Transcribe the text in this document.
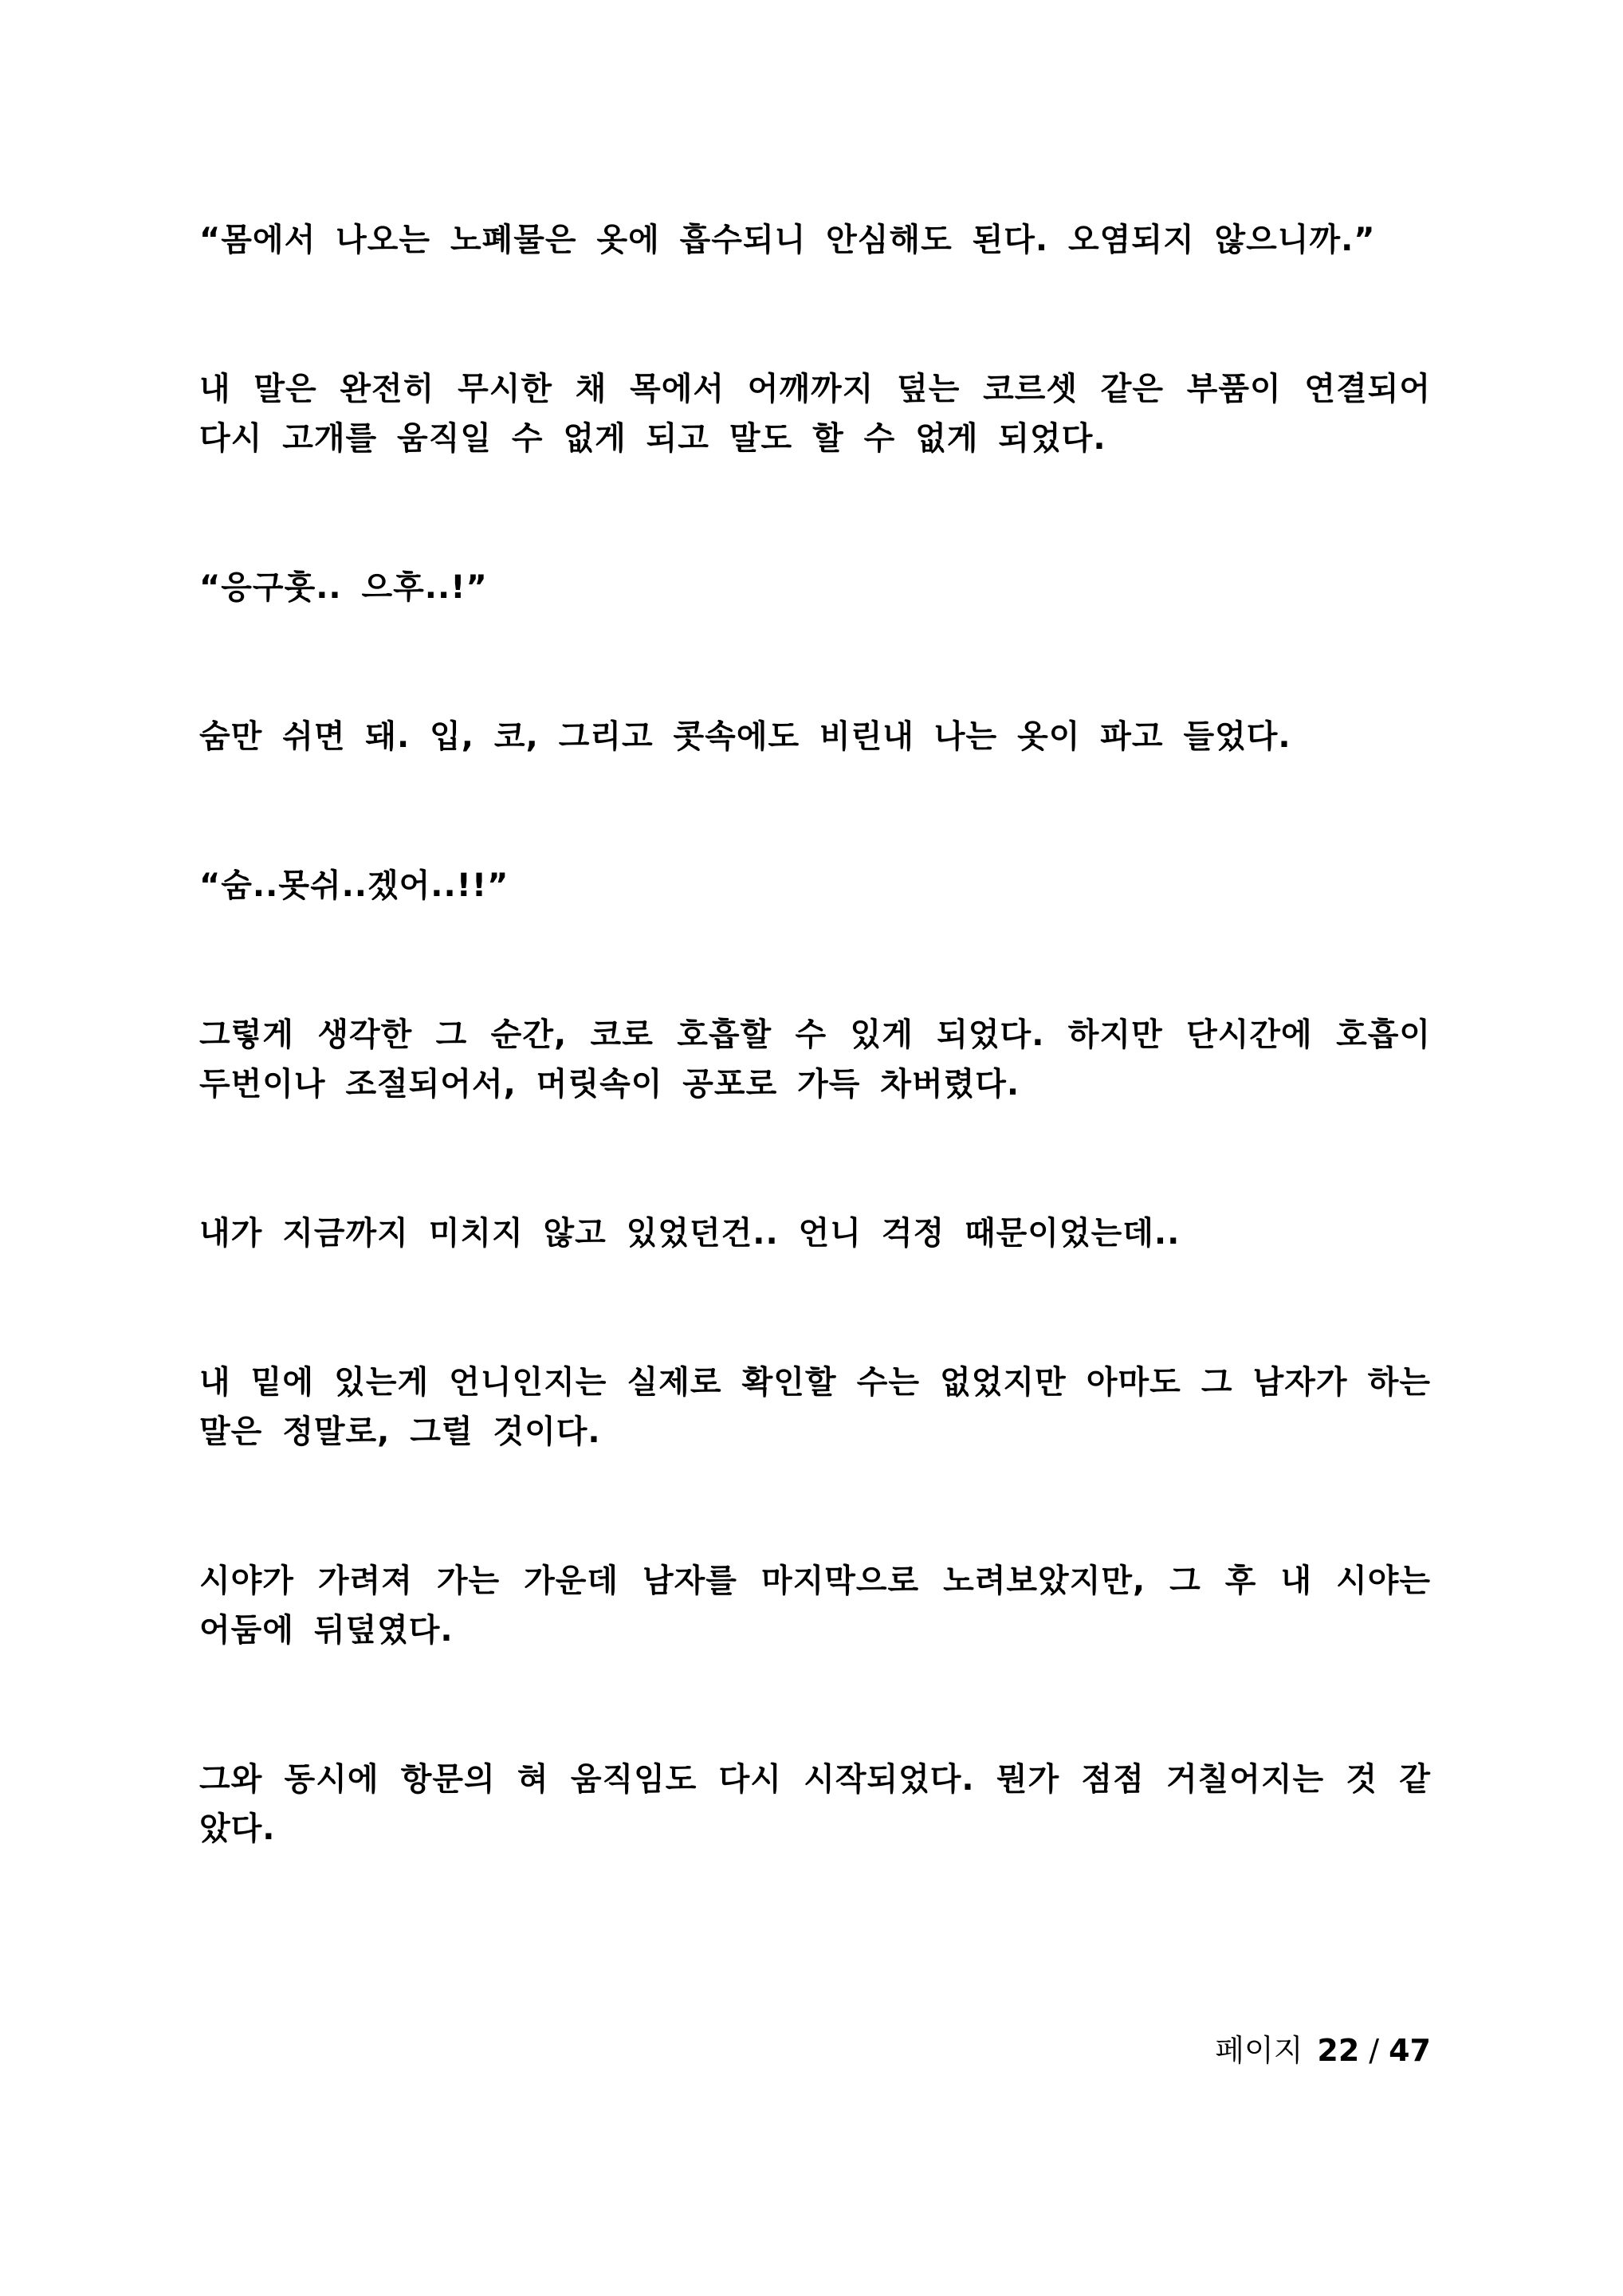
“몸에서 나오는 노폐물은 옷에 흡수되니 안심해도 된다. 오염되지 않으니까.”

내 말은 완전히 무시한 채 목에서 어깨까지 덮는 코르셋 같은 부품이 연결되어 다시 고개를 움직일 수 없게 되고 말도 할 수 없게 되었다.

“응구훗.. 으후..!”

숨만 쉬면 돼. 입, 코, 그리고 콧속에도 비린내 나는 옷이 파고 들었다.

“숨..못쉬..겠어..!!”

그렇게 생각한 그 순간, 코로 호흡할 수 있게 되었다. 하지만 단시간에 호흡이 두번이나 조절되어서, 머릿속이 공포로 가득 차버렸다.

내가 지금까지 미치지 않고 있었던건.. 언니 걱정 때문이었는데..

내 밑에 있는게 언니인지는 실제로 확인할 수는 없었지만 아마도 그 남자가 하는 말은 정말로, 그럴 것이다.

시야가 가려져 가는 가운데 남자를 마지막으로 노려보았지만, 그 후 내 시야는 어둠에 뒤덮였다.

그와 동시에 항문의 혀 움직임도 다시 시작되었다. 뭔가 점점 거칠어지는 것 같았다.

페이지 22 / 47
